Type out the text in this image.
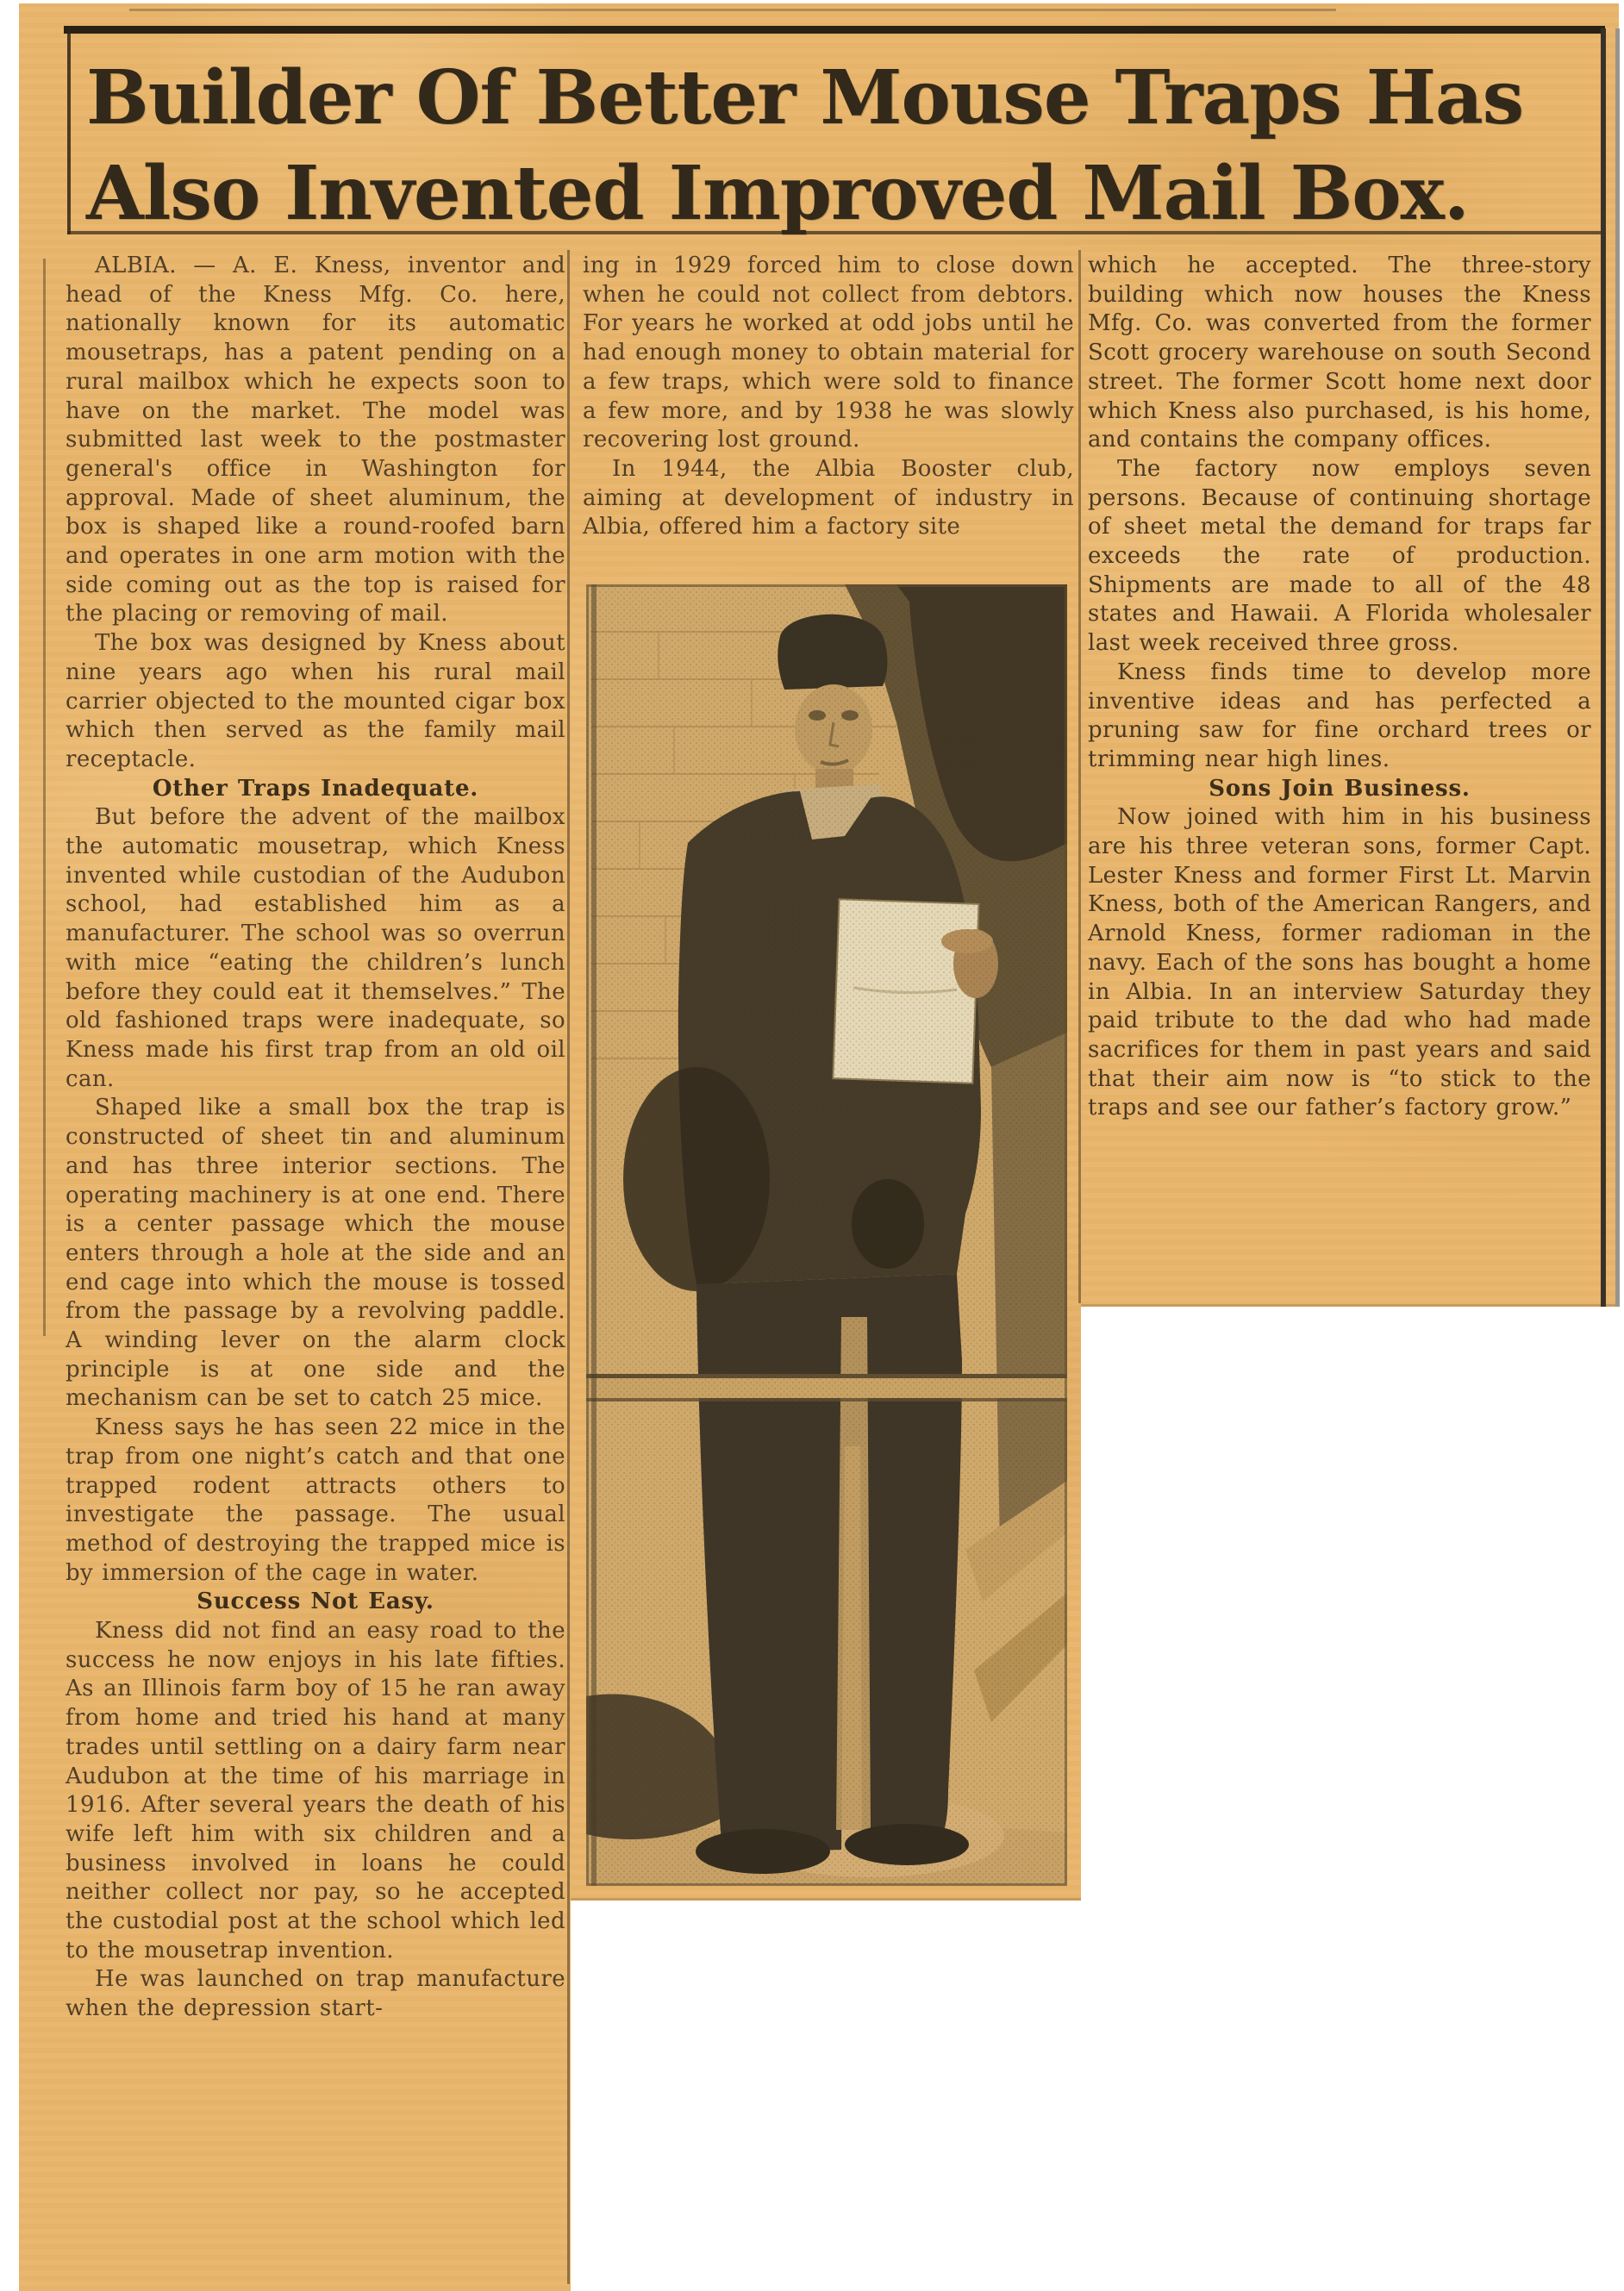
Builder Of Better Mouse Traps Has
Also Invented Improved Mail Box.

ALBIA. — A. E. Kness, inventor and head of the Kness Mfg. Co. here, nationally known for its automatic mousetraps, has a patent pending on a rural mailbox which he expects soon to have on the market. The model was submitted last week to the postmaster general's office in Washington for approval. Made of sheet aluminum, the box is shaped like a round-roofed barn and operates in one arm motion with the side coming out as the top is raised for the placing or removing of mail.

The box was designed by Kness about nine years ago when his rural mail carrier objected to the mounted cigar box which then served as the family mail receptacle.

Other Traps Inadequate.

But before the advent of the mailbox the automatic mousetrap, which Kness invented while custodian of the Audubon school, had established him as a manufacturer. The school was so overrun with mice “eating the children’s lunch before they could eat it themselves.” The old fashioned traps were inadequate, so Kness made his first trap from an old oil can.

Shaped like a small box the trap is constructed of sheet tin and aluminum and has three interior sections. The operating machinery is at one end. There is a center passage which the mouse enters through a hole at the side and an end cage into which the mouse is tossed from the passage by a revolving paddle. A winding lever on the alarm clock principle is at one side and the mechanism can be set to catch 25 mice.

Kness says he has seen 22 mice in the trap from one night’s catch and that one trapped rodent attracts others to investigate the passage. The usual method of destroying the trapped mice is by immersion of the cage in water.

Success Not Easy.

Kness did not find an easy road to the success he now enjoys in his late fifties. As an Illinois farm boy of 15 he ran away from home and tried his hand at many trades until settling on a dairy farm near Audubon at the time of his marriage in 1916. After several years the death of his wife left him with six children and a business involved in loans he could neither collect nor pay, so he accepted the custodial post at the school which led to the mousetrap invention.

He was launched on trap manufacture when the depression start-

ing in 1929 forced him to close down when he could not collect from debtors. For years he worked at odd jobs until he had enough money to obtain material for a few traps, which were sold to finance a few more, and by 1938 he was slowly recovering lost ground.

In 1944, the Albia Booster club, aiming at development of industry in Albia, offered him a factory site

which he accepted. The three-story building which now houses the Kness Mfg. Co. was converted from the former Scott grocery warehouse on south Second street. The former Scott home next door which Kness also purchased, is his home, and contains the company offices.

The factory now employs seven persons. Because of continuing shortage of sheet metal the demand for traps far exceeds the rate of production. Shipments are made to all of the 48 states and Hawaii. A Florida wholesaler last week received three gross.

Kness finds time to develop more inventive ideas and has perfected a pruning saw for fine orchard trees or trimming near high lines.

Sons Join Business.

Now joined with him in his business are his three veteran sons, former Capt. Lester Kness and former First Lt. Marvin Kness, both of the American Rangers, and Arnold Kness, former radioman in the navy. Each of the sons has bought a home in Albia. In an interview Saturday they paid tribute to the dad who had made sacrifices for them in past years and said that their aim now is “to stick to the traps and see our father’s factory grow.”
